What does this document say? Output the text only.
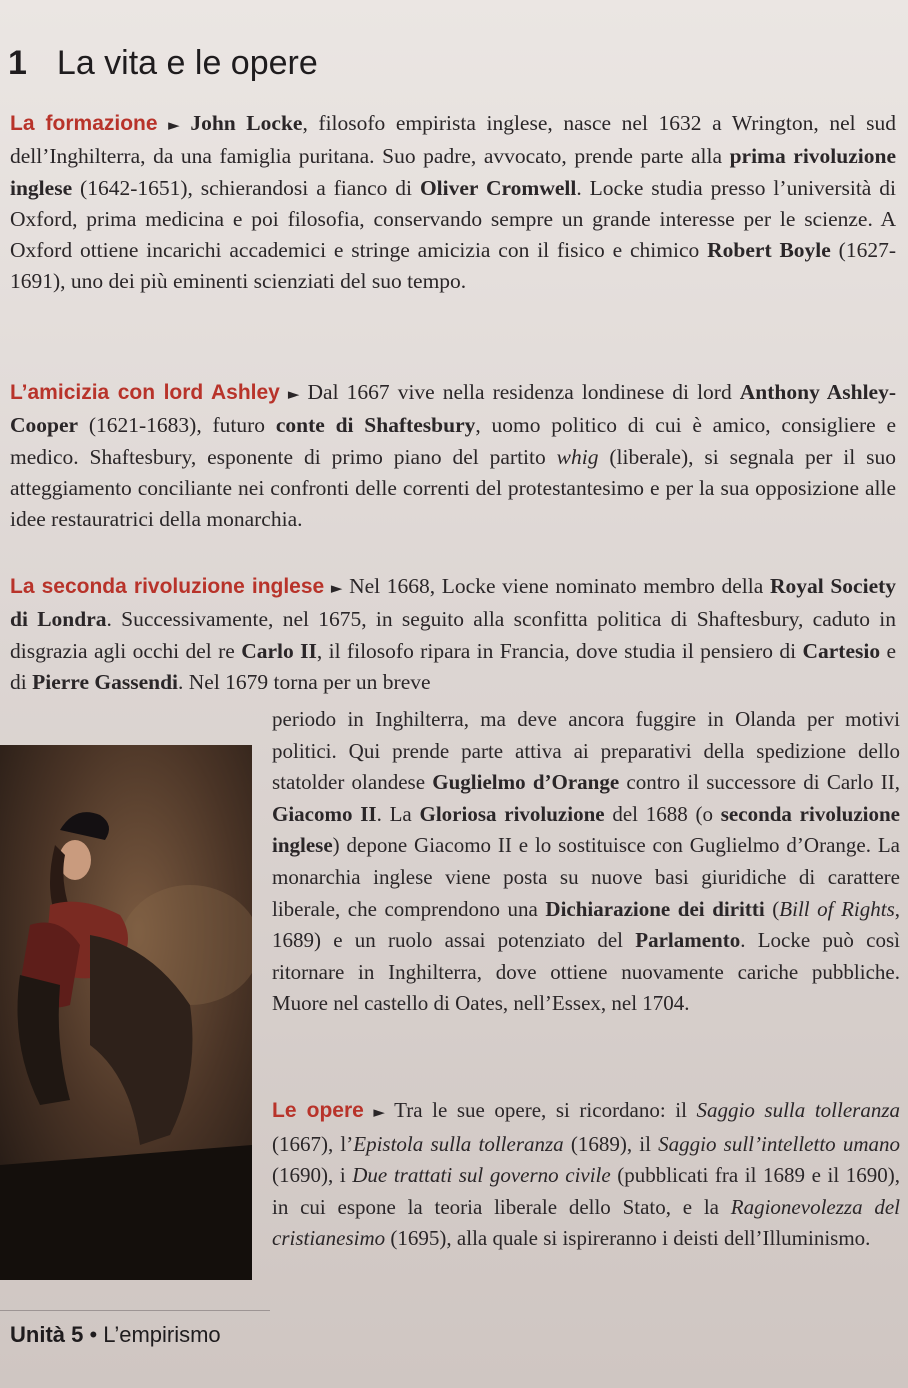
1 La vita e le opere
La formazione ► John Locke, filosofo empirista inglese, nasce nel 1632 a Wrington, nel sud dell’Inghilterra, da una famiglia puritana. Suo padre, avvocato, prende parte alla prima rivoluzione inglese (1642-1651), schierandosi a fianco di Oliver Cromwell. Locke studia presso l’università di Oxford, prima medicina e poi filosofia, conservando sempre un grande interesse per le scienze. A Oxford ottiene incarichi accademici e stringe amicizia con il fisico e chimico Robert Boyle (1627-1691), uno dei più eminenti scienziati del suo tempo.
L’amicizia con lord Ashley ► Dal 1667 vive nella residenza londinese di lord Anthony Ashley-Cooper (1621-1683), futuro conte di Shaftesbury, uomo politico di cui è amico, consigliere e medico. Shaftesbury, esponente di primo piano del partito whig (liberale), si segnala per il suo atteggiamento conciliante nei confronti delle correnti del protestantesimo e per la sua opposizione alle idee restauratrici della monarchia.
La seconda rivoluzione inglese ► Nel 1668, Locke viene nominato membro della Royal Society di Londra. Successivamente, nel 1675, in seguito alla sconfitta politica di Shaftesbury, caduto in disgrazia agli occhi del re Carlo II, il filosofo ripara in Francia, dove studia il pensiero di Cartesio e di Pierre Gassendi. Nel 1679 torna per un breve
periodo in Inghilterra, ma deve ancora fuggire in Olanda per motivi politici. Qui prende parte attiva ai preparativi della spedizione dello statolder olandese Guglielmo d’Orange contro il successore di Carlo II, Giacomo II. La Gloriosa rivoluzione del 1688 (o seconda rivoluzione inglese) depone Giacomo II e lo sostituisce con Guglielmo d’Orange. La monarchia inglese viene posta su nuove basi giuridiche di carattere liberale, che comprendono una Dichiarazione dei diritti (Bill of Rights, 1689) e un ruolo assai potenziato del Parlamento. Locke può così ritornare in Inghilterra, dove ottiene nuovamente cariche pubbliche. Muore nel castello di Oates, nell’Essex, nel 1704.
Le opere ► Tra le sue opere, si ricordano: il Saggio sulla tolleranza (1667), l’Epistola sulla tolleranza (1689), il Saggio sull’intelletto umano (1690), i Due trattati sul governo civile (pubblicati fra il 1689 e il 1690), in cui espone la teoria liberale dello Stato, e la Ragionevolezza del cristianesimo (1695), alla quale si ispireranno i deisti dell’Illuminismo.
Unità 5 • L’empirismo
